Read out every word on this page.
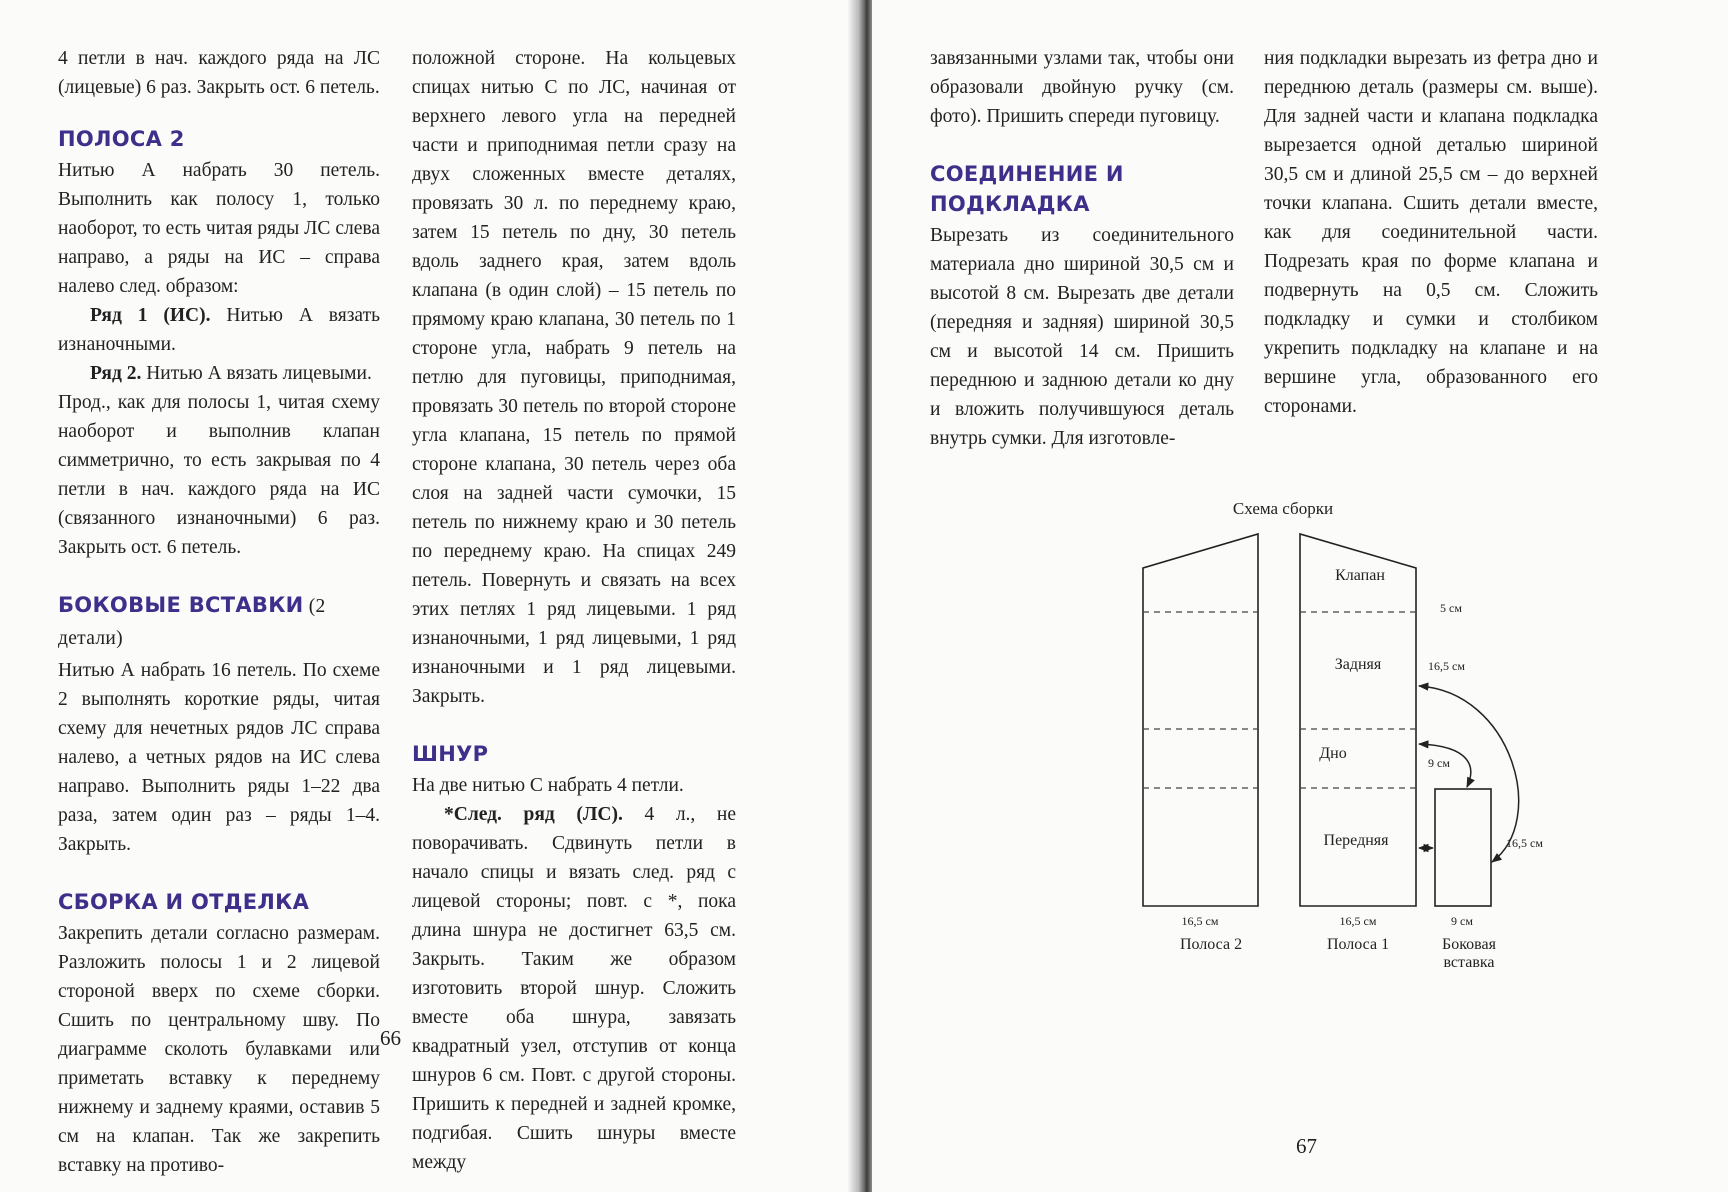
4 петли в нач. каждого ряда на ЛС (лицевые) 6 раз. Закрыть ост. 6 петель.

ПОЛОСА 2

Нитью А набрать 30 петель. Выполнить как полосу 1, только наоборот, то есть читая ряды ЛС слева направо, а ряды на ИС – справа налево след. образом:

Ряд 1 (ИС). Нитью А вязать изнаночными.

Ряд 2. Нитью А вязать лицевыми.

Прод., как для полосы 1, читая схему наоборот и выполнив клапан симметрично, то есть закрывая по 4 петли в нач. каждого ряда на ИС (связанного изнаночными) 6 раз. Закрыть ост. 6 петель.

БОКОВЫЕ ВСТАВКИ (2 детали)

Нитью А набрать 16 петель. По схеме 2 выполнять короткие ряды, читая схему для нечетных рядов ЛС справа налево, а четных рядов на ИС слева направо. Выполнить ряды 1–22 два раза, затем один раз – ряды 1–4. Закрыть.

СБОРКА И ОТДЕЛКА

Закрепить детали согласно размерам. Разложить полосы 1 и 2 лицевой стороной вверх по схеме сборки. Сшить по центральному шву. По диаграмме сколоть булавками или приметать вставку к переднему нижнему и заднему краями, оставив 5 см на клапан. Так же закрепить вставку на противо-

положной стороне. На кольцевых спицах нитью С по ЛС, начиная от верхнего левого угла на передней части и приподнимая петли сразу на двух сложенных вместе деталях, провязать 30 л. по переднему краю, затем 15 петель по дну, 30 петель вдоль заднего края, затем вдоль клапана (в один слой) – 15 петель по прямому краю клапана, 30 петель по 1 стороне угла, набрать 9 петель на петлю для пуговицы, приподнимая, провязать 30 петель по второй стороне угла клапана, 15 петель по прямой стороне клапана, 30 петель через оба слоя на задней части сумочки, 15 петель по нижнему краю и 30 петель по переднему краю. На спицах 249 петель. Повернуть и связать на всех этих петлях 1 ряд лицевыми. 1 ряд изнаночными, 1 ряд лицевыми, 1 ряд изнаночными и 1 ряд лицевыми. Закрыть.

ШНУР

На две нитью С набрать 4 петли.

*След. ряд (ЛС). 4 л., не поворачивать. Сдвинуть петли в начало спицы и вязать след. ряд с лицевой стороны; повт. с *, пока длина шнура не достигнет 63,5 см. Закрыть. Таким же образом изготовить второй шнур. Сложить вместе оба шнура, завязать квадратный узел, отступив от конца шнуров 6 см. Повт. с другой стороны. Пришить к передней и задней кромке, подгибая. Сшить шнуры вместе между

66

завязанными узлами так, чтобы они образовали двойную ручку (см. фото). Пришить спереди пуговицу.

СОЕДИНЕНИЕ И ПОДКЛАДКА

Вырезать из соединительного материала дно шириной 30,5 см и высотой 8 см. Вырезать две детали (передняя и задняя) шириной 30,5 см и высотой 14 см. Пришить переднюю и заднюю детали ко дну и вложить получившуюся деталь внутрь сумки. Для изготовле-

ния подкладки вырезать из фетра дно и переднюю деталь (размеры см. выше). Для задней части и клапана подкладка вырезается одной деталью шириной 30,5 см и длиной 25,5 см – до верхней точки клапана. Сшить детали вместе, как для соединительной части. Подрезать края по форме клапана и подвернуть на 0,5 см. Сложить подкладку и сумки и столбиком укрепить подкладку на клапане и на вершине угла, образованного его сторонами.

Схема сборки
Клапан
Задняя
Дно
Передняя
5 см
16,5 см
9 см
16,5 см
16,5 см	16,5 см	9 см
Полоса 2	Полоса 1	Боковая
вставка
67
